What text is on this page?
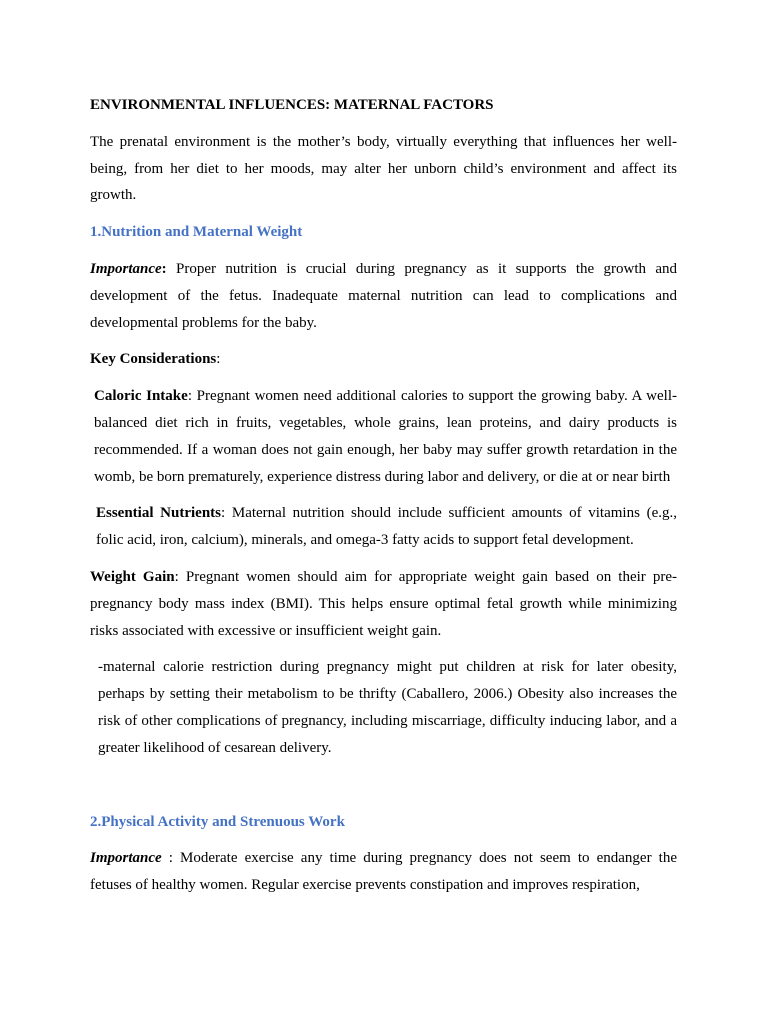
ENVIRONMENTAL INFLUENCES: MATERNAL FACTORS

The prenatal environment is the mother’s body, virtually everything that influences her well-being, from her diet to her moods, may alter her unborn child’s environment and affect its growth.

1.Nutrition and Maternal Weight

Importance: Proper nutrition is crucial during pregnancy as it supports the growth and development of the fetus. Inadequate maternal nutrition can lead to complications and developmental problems for the baby.

Key Considerations:

Caloric Intake: Pregnant women need additional calories to support the growing baby. A well-balanced diet rich in fruits, vegetables, whole grains, lean proteins, and dairy products is recommended. If a woman does not gain enough, her baby may suffer growth retardation in the womb, be born prematurely, experience distress during labor and delivery, or die at or near birth

Essential Nutrients: Maternal nutrition should include sufficient amounts of vitamins (e.g., folic acid, iron, calcium), minerals, and omega-3 fatty acids to support fetal development.

Weight Gain: Pregnant women should aim for appropriate weight gain based on their pre-pregnancy body mass index (BMI). This helps ensure optimal fetal growth while minimizing risks associated with excessive or insufficient weight gain.

-maternal calorie restriction during pregnancy might put children at risk for later obesity, perhaps by setting their metabolism to be thrifty (Caballero, 2006.) Obesity also increases the risk of other complications of pregnancy, including miscarriage, difficulty inducing labor, and a greater likelihood of cesarean delivery.

2.Physical Activity and Strenuous Work

Importance : Moderate exercise any time during pregnancy does not seem to endanger the fetuses of healthy women. Regular exercise prevents constipation and improves respiration,
